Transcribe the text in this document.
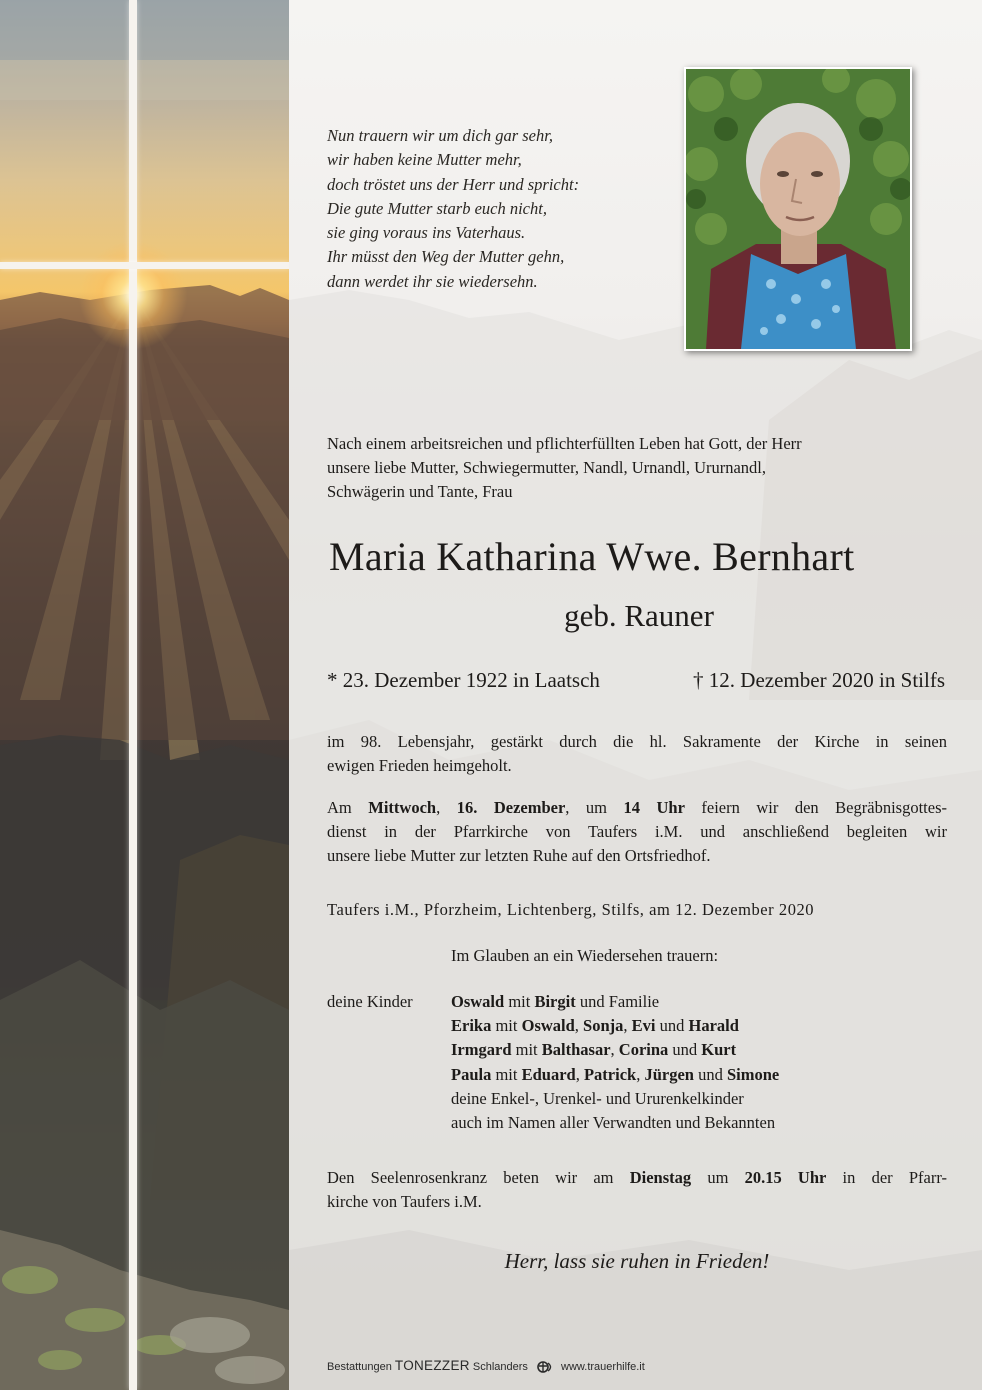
Nun trauern wir um dich gar sehr,
wir haben keine Mutter mehr,
doch tröstet uns der Herr und spricht:
Die gute Mutter starb euch nicht,
sie ging voraus ins Vaterhaus.
Ihr müsst den Weg der Mutter gehn,
dann werdet ihr sie wiedersehn.
Nach einem arbeitsreichen und pflichterfüllten Leben hat Gott, der Herr
unsere liebe Mutter, Schwiegermutter, Nandl, Urnandl, Ururnandl,
Schwägerin und Tante, Frau
Maria Katharina Wwe. Bernhart
geb. Rauner
* 23. Dezember 1922 in Laatsch	† 12. Dezember 2020 in Stilfs
im 98. Lebensjahr, gestärkt durch die hl. Sakramente der Kirche in seinen
ewigen Frieden heimgeholt.
Am Mittwoch, 16. Dezember, um 14 Uhr feiern wir den Begräbnisgottes-
dienst in der Pfarrkirche von Taufers i.M. und anschließend begleiten wir
unsere liebe Mutter zur letzten Ruhe auf den Ortsfriedhof.
Taufers i.M., Pforzheim, Lichtenberg, Stilfs, am 12. Dezember 2020
Im Glauben an ein Wiedersehen trauern:
deine Kinder Oswald mit Birgit und Familie
Erika mit Oswald, Sonja, Evi und Harald
Irmgard mit Balthasar, Corina und Kurt
Paula mit Eduard, Patrick, Jürgen und Simone
deine Enkel-, Urenkel- und Ururenkelkinder
auch im Namen aller Verwandten und Bekannten
Den Seelenrosenkranz beten wir am Dienstag um 20.15 Uhr in der Pfarr-
kirche von Taufers i.M.
Herr, lass sie ruhen in Frieden!
Bestattungen TONEZZER Schlanders	www.trauerhilfe.it
